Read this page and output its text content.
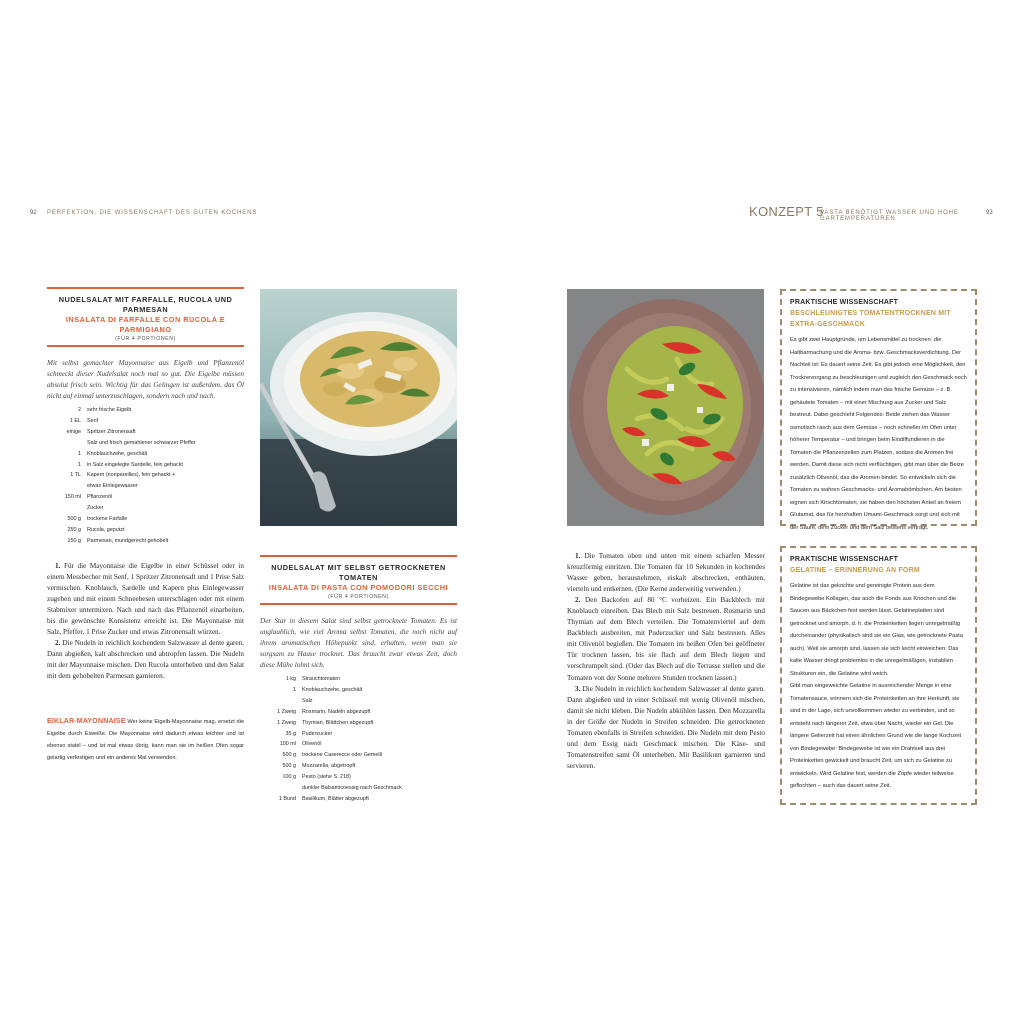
92 PERFEKTION. DIE WISSENSCHAFT DES GUTEN KOCHENS	KONZEPT 5
PASTA BENÖTIGT WASSER UND HOHE GARTEMPERATUREN
93
NUDELSALAT MIT FARFALLE, RUCOLA UND PARMESAN
INSALATA DI FARFALLE CON RUCOLA E PARMIGIANO
(FÜR 4 PORTIONEN)

Mit selbst gemachter Mayonnaise aus Eigelb und Pflanzenöl schmeckt dieser Nudelsalat noch mal so gut. Die Eigelbe müssen absolut frisch sein. Wichtig für das Gelingen ist außerdem, das Öl nicht auf einmal unterzuschlagen, sondern nach und nach.

2	sehr frische Eigelb
1 EL	Senf
einige	Spritzer Zitronensaft
Salz und frisch gemahlener schwarzer Pfeffer
1	Knoblauchzehe, geschält
1	in Salz eingelegte Sardelle, fein gehackt
1 TL	Kapern (nonpareilles), fein gehackt +
etwas Einlegewasser
150 ml	Pflanzenöl
Zucker
500 g	trockene Farfalle
250 g	Rucola, geputzt
150 g	Parmesan, mundgerecht gehobelt

1. Für die Mayonnaise die Eigelbe in einer Schüssel oder in einem Messbecher mit Senf, 1 Spritzer Zitronensaft und 1 Prise Salz vermischen. Knoblauch, Sardelle und Kapern plus Einlegewasser zugeben und mit einem Schneebesen unterschlagen oder mit einem Stabmixer untermixen. Nach und nach das Pflanzenöl einarbeiten, bis die gewünschte Konsistenz erreicht ist. Die Mayonnaise mit Salz, Pfeffer, 1 Prise Zucker und etwas Zitronensaft würzen.

2. Die Nudeln in reichlich kochendem Salzwasser al dente garen. Dann abgießen, kalt abschrecken und abtropfen lassen. Die Nudeln mit der Mayonnaise mischen. Den Rucola unterheben und den Salat mit dem gehobelten Parmesan garnieren.

EIKLAR-MAYONNAISE Wer keine Eigelb-Mayonnaise mag, ersetzt die Eigelbe durch Eiweiße. Die Mayonnaise wird dadurch etwas leichter und ist ebenso stabil – und ist mal etwas übrig, kann man sie im heißen Ofen sogar gelartig verfestigen und ein anderes Mal verwenden.
NUDELSALAT MIT SELBST GETROCKNETEN TOMATEN
INSALATA DI PASTA CON POMODORI SECCHI
(FÜR 4 PORTIONEN)

Der Star in diesem Salat sind selbst getrocknete Tomaten. Es ist unglaublich, wie viel Aroma selbst Tomaten, die noch nicht auf ihrem aromatischen Höhepunkt sind, erhalten, wenn man sie sorgsam zu Hause trocknet. Das braucht zwar etwas Zeit, doch diese Mühe lohnt sich.

1 kg	Strauchtomaten
1	Knoblauchzehe, geschält
Salz
1 Zweig	Rosmarin, Nadeln abgezupft
1 Zweig	Thymian, Blättchen abgezupft
35 g	Puderzucker
100 ml	Olivenöl
500 g	trockene Caserecce oder Gemelli
500 g	Mozzarella, abgetropft
100 g	Pesto (siehe S. 218)
dunkler Balsamicoessig nach Geschmack
1 Bund	Basilikum, Blätter abgezupft

1. Die Tomaten oben und unten mit einem scharfen Messer kreuzförmig einritzen. Die Tomaten für 10 Sekunden in kochendes Wasser geben, herausnehmen, eiskalt abschrecken, enthäuten, vierteln und entkernen. (Die Kerne anderweitig verwenden.)

2. Den Backofen auf 80 °C vorheizen. Ein Backblech mit Knoblauch einreiben. Das Blech mit Salz bestreuen. Rosmarin und Thymian auf dem Blech verteilen. Die Tomatenviertel auf dem Backblech ausbreiten, mit Puderzucker und Salz bestreuen. Alles mit Olivenöl begießen. Die Tomaten im heißen Ofen bei geöffneter Tür trocknen lassen, bis sie flach auf dem Blech liegen und verschrumpelt sind. (Oder das Blech auf die Terrasse stellen und die Tomaten von der Sonne mehrere Stunden trocknen lassen.)

3. Die Nudeln in reichlich kochendem Salzwasser al dente garen. Dann abgießen und in einer Schüssel mit wenig Olivenöl mischen, damit sie nicht kleben. Die Nudeln abkühlen lassen. Den Mozzarella in der Größe der Nudeln in Streifen schneiden. Die getrockneten Tomaten ebenfalls in Streifen schneiden. Die Nudeln mit dem Pesto und dem Essig nach Geschmack mischen. Die Käse- und Tomatenstreifen samt Öl unterheben. Mit Basilikum garnieren und servieren.

PRAKTISCHE WISSENSCHAFT BESCHLEUNIGTES TOMATENTROCKNEN MIT EXTRA-GESCHMACK
Es gibt zwei Hauptgründe, um Lebensmittel zu trocknen: die Haltbarmachung und die Aroma- bzw. Geschmacksverdichtung. Der Nachteil ist: Es dauert seine Zeit. Es gibt jedoch eine Möglichkeit, den Trocknevorgang zu beschleunigen und zugleich den Geschmack noch zu intensivieren, nämlich indem man das frische Gemüse – z. B. gehäutete Tomaten – mit einer Mischung aus Zucker und Salz bestreut. Dabei geschieht Folgendes: Beide ziehen das Wasser osmotisch rasch aus dem Gemüse – noch schneller im Ofen unter höherer Temperatur – und bringen beim Eindiffundieren in die Tomaten die Pflanzenzellen zum Platzen, sodass die Aromen frei werden. Damit diese sich nicht verflüchtigen, gibt man über die Beize zusätzlich Olivenöl, das die Aromen bindet. So entwickeln sich die Tomaten zu wahren Geschmacks- und Aromabömbchen. Am besten eignen sich Kirschtomaten, sie haben den höchsten Anteil an freiem Glutamat, das für herzhaften Umami-Geschmack sorgt und sich mit der Säure, dem Zucker und dem Salz bestens verträgt.
PRAKTISCHE WISSENSCHAFT
GELATINE – ERINNERUNG AN FORM
Gelatine ist das gekochte und gereinigte Protein aus dem Bindegewebe Kollagen, das auch die Fonds aus Knochen und die Saucen aus Bäckchen fest werden lässt. Gelatineplatten sind getrocknet und amorph, d. h. die Proteinketten liegen unregelmäßig durcheinander (physikalisch sind sie ein Glas, wie getrocknete Pasta auch). Weil sie amorph sind, lassen sie sich leicht einweichen: Das kalte Wasser dringt problemlos in die unregelmäßigen, instabilen Strukturen ein, die Gelatine wird weich.
Gibt man eingeweichte Gelatine in ausreichender Menge in eine Tomatensauce, erinnern sich die Proteinketten an ihre Herkunft, sie sind in der Lage, sich unvollkommen wieder zu verbinden, und so entsteht nach längerer Zeit, etwa über Nacht, wieder ein Gel. Die längere Gelierzeit hat einen ähnlichen Grund wie die lange Kochzeit von Bindegewebe: Bindegewebe ist wie ein Drahtseil aus drei Proteinketten gewickelt und braucht Zeit, um sich zu Gelatine zu entwickeln. Wird Gelatine fest, werden die Zöpfe wieder teilweise geflochten – auch das dauert seine Zeit.
